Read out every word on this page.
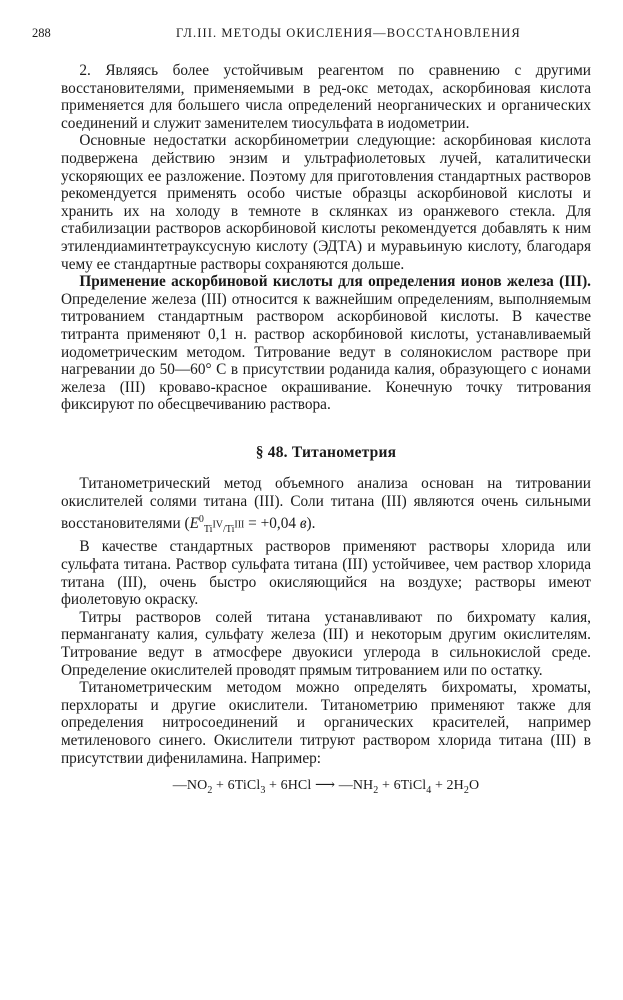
288	ГЛ.III. МЕТОДЫ ОКИСЛЕНИЯ—ВОССТАНОВЛЕНИЯ

2. Являясь более устойчивым реагентом по сравнению с другими восстановителями, применяемыми в ред-окс методах, аскорбиновая кислота применяется для большего числа определений неорганических и органических соединений и служит заменителем тиосульфата в иодометрии.

Основные недостатки аскорбинометрии следующие: аскорбиновая кислота подвержена действию энзим и ультрафиолетовых лучей, каталитически ускоряющих ее разложение. Поэтому для приготовления стандартных растворов рекомендуется применять особо чистые образцы аскорбиновой кислоты и хранить их на холоду в темноте в склянках из оранжевого стекла. Для стабилизации растворов аскорбиновой кислоты рекомендуется добавлять к ним этилендиаминтетрауксусную кислоту (ЭДТА) и муравьиную кислоту, благодаря чему ее стандартные растворы сохраняются дольше.

Применение аскорбиновой кислоты для определения ионов железа (III). Определение железа (III) относится к важнейшим определениям, выполняемым титрованием стандартным раствором аскорбиновой кислоты. В качестве титранта применяют 0,1 н. раствор аскорбиновой кислоты, устанавливаемый иодометрическим методом. Титрование ведут в солянокислом растворе при нагревании до 50—60° С в присутствии роданида калия, образующего с ионами железа (III) кроваво-красное окрашивание. Конечную точку титрования фиксируют по обесцвечиванию раствора.

§ 48. Титанометрия

Титанометрический метод объемного анализа основан на титровании окислителей солями титана (III). Соли титана (III) являются очень сильными восстановителями ($E^0_{Ti^{IV}/Ti^{III}} = +0,04$ в).

В качестве стандартных растворов применяют растворы хлорида или сульфата титана. Раствор сульфата титана (III) устойчивее, чем раствор хлорида титана (III), очень быстро окисляющийся на воздухе; растворы имеют фиолетовую окраску.

Титры растворов солей титана устанавливают по бихромату калия, перманганату калия, сульфату железа (III) и некоторым другим окислителям. Титрование ведут в атмосфере двуокиси углерода в сильнокислой среде. Определение окислителей проводят прямым титрованием или по остатку.

Титанометрическим методом можно определять бихроматы, хроматы, перхлораты и другие окислители. Титанометрию применяют также для определения нитросоединений и органических красителей, например метиленового синего. Окислители титруют раствором хлорида титана (III) в присутствии дифениламина. Например:

$—NO_2$ + 6TiCl$_3$ + 6HCl ⟶ $—NH_2$ + 6TiCl$_4$ + $2H_2O$
